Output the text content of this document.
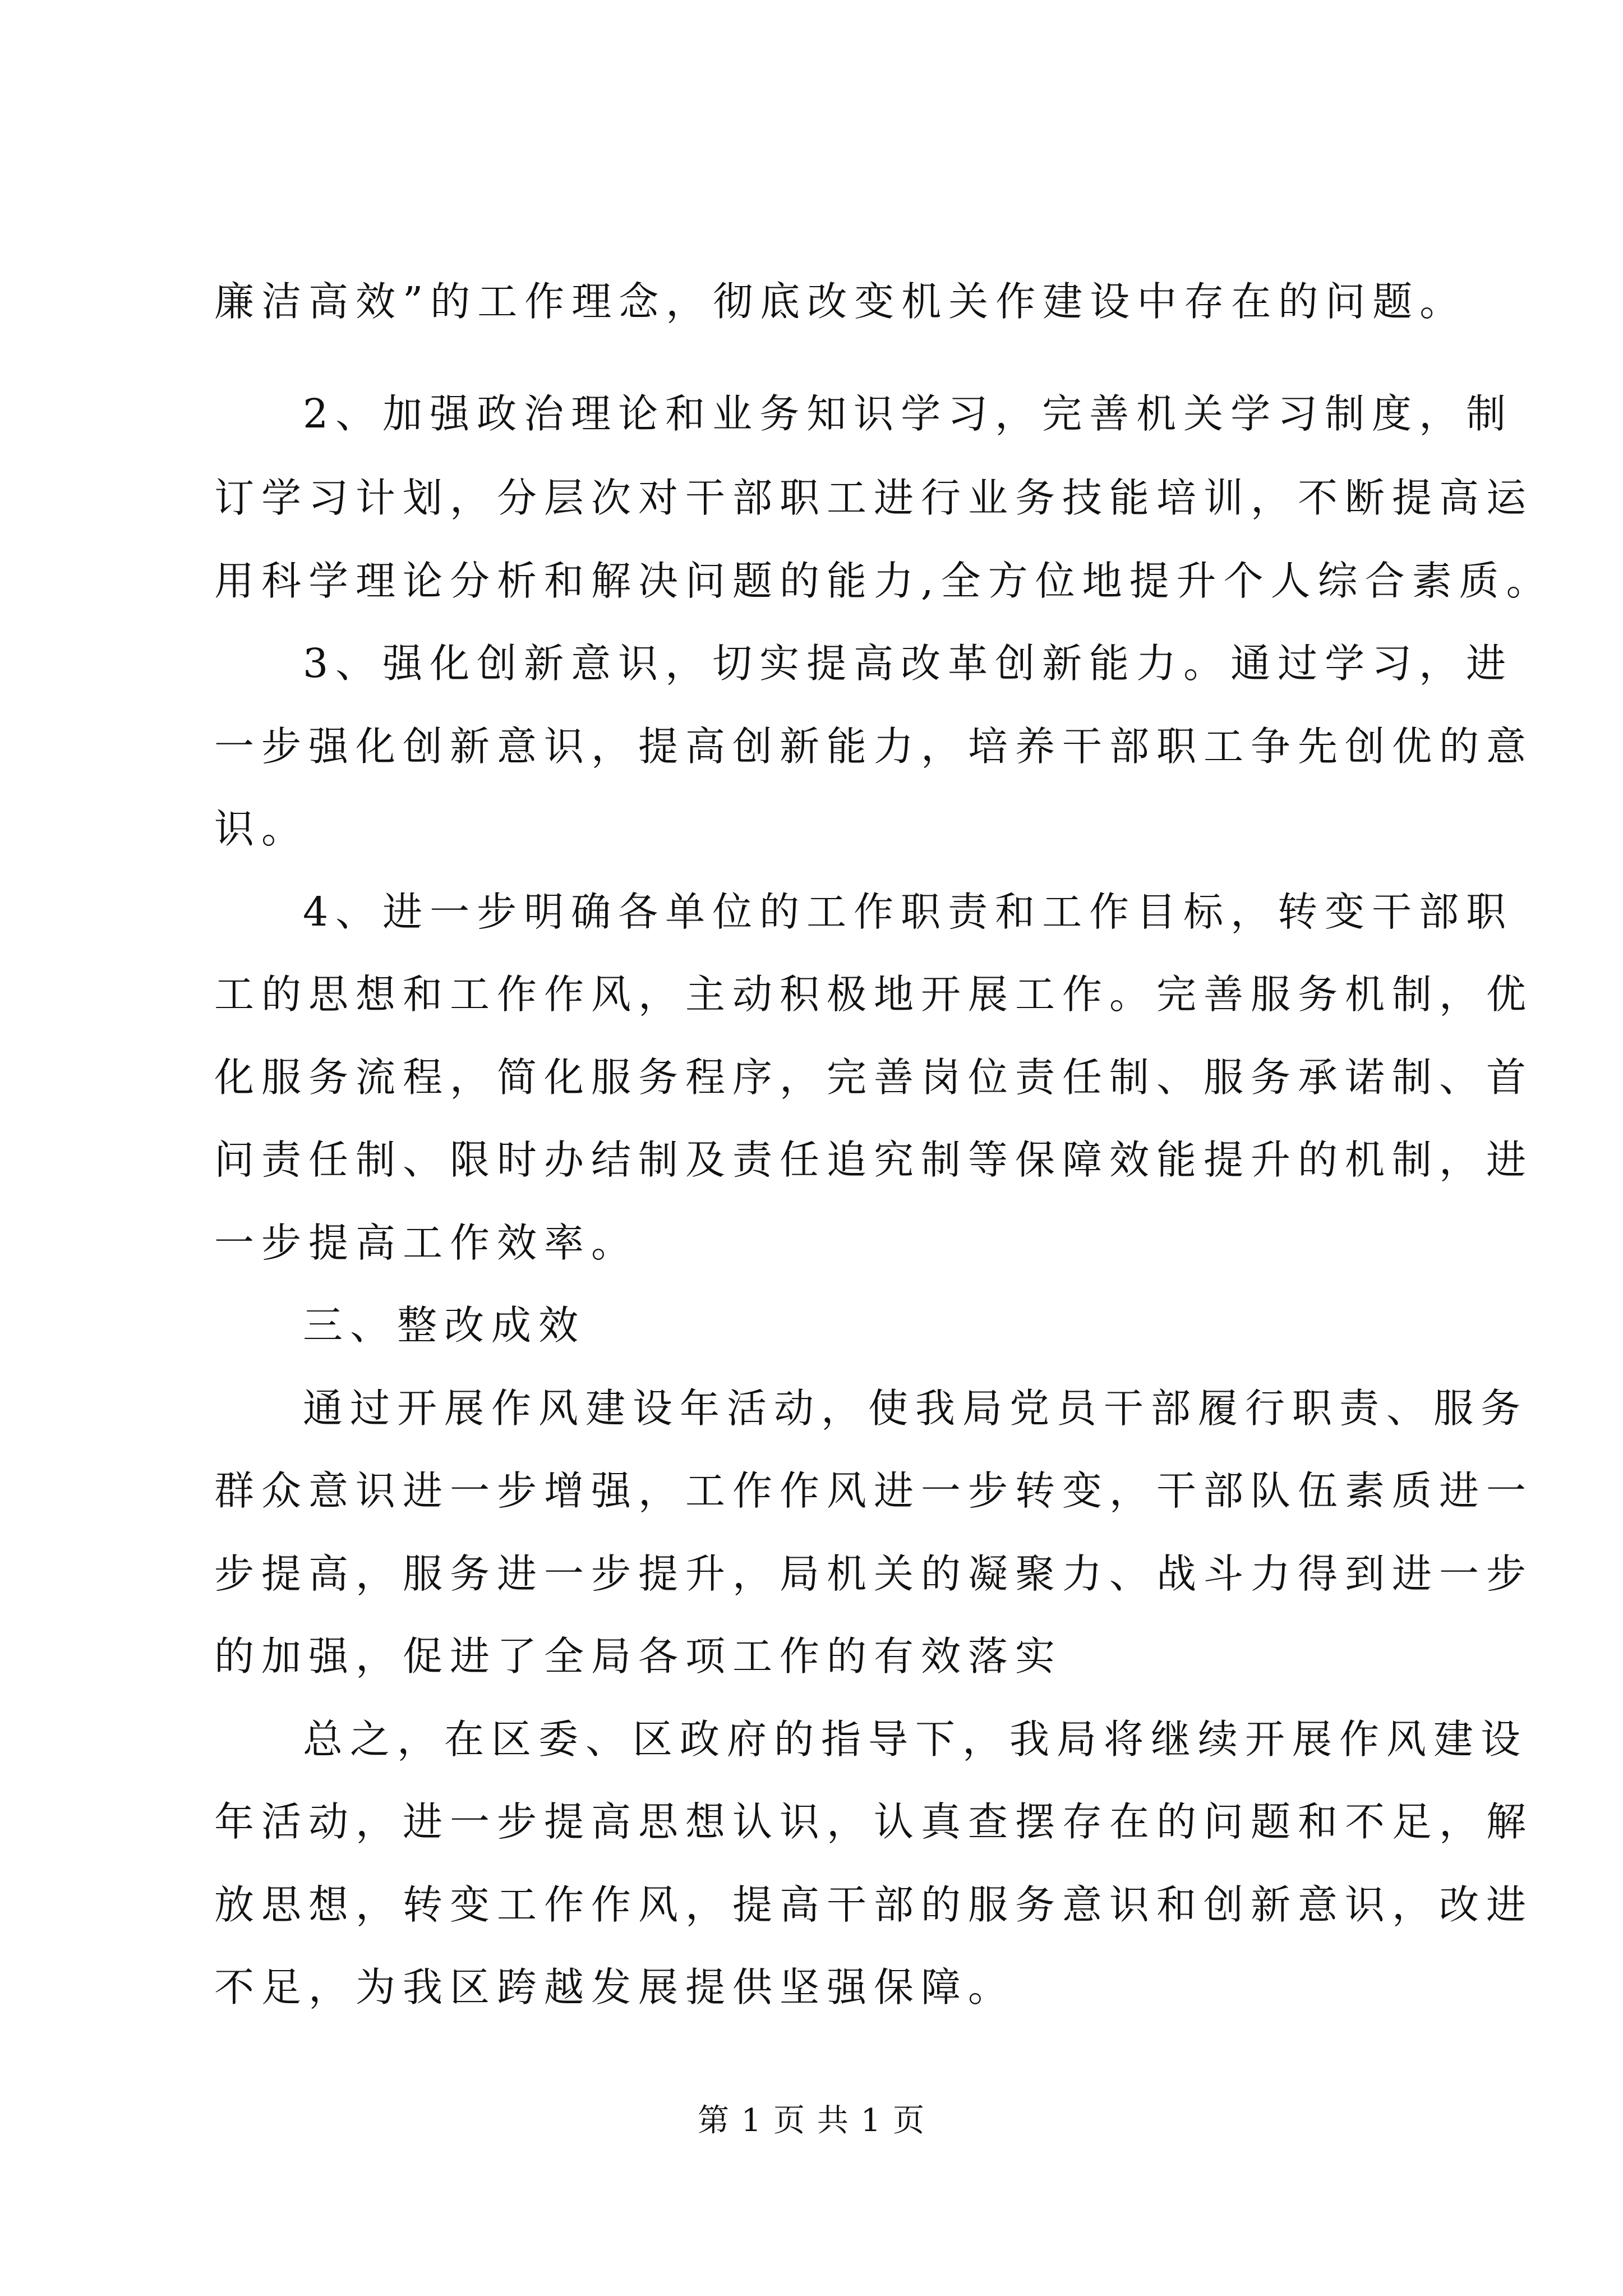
廉洁高效”的工作理念，彻底改变机关作建设中存在的问题。
2、加强政治理论和业务知识学习，完善机关学习制度，制
订学习计划，分层次对干部职工进行业务技能培训，不断提高运
用科学理论分析和解决问题的能力,全方位地提升个人综合素质。
3、强化创新意识，切实提高改革创新能力。通过学习，进
一步强化创新意识，提高创新能力，培养干部职工争先创优的意
识。
4、进一步明确各单位的工作职责和工作目标，转变干部职
工的思想和工作作风，主动积极地开展工作。完善服务机制，优
化服务流程，简化服务程序，完善岗位责任制、服务承诺制、首
问责任制、限时办结制及责任追究制等保障效能提升的机制，进
一步提高工作效率。
三、整改成效
通过开展作风建设年活动，使我局党员干部履行职责、服务
群众意识进一步增强，工作作风进一步转变，干部队伍素质进一
步提高，服务进一步提升，局机关的凝聚力、战斗力得到进一步
的加强，促进了全局各项工作的有效落实
总之，在区委、区政府的指导下，我局将继续开展作风建设
年活动，进一步提高思想认识，认真查摆存在的问题和不足，解
放思想，转变工作作风，提高干部的服务意识和创新意识，改进
不足，为我区跨越发展提供坚强保障。
第 1 页 共 1 页
